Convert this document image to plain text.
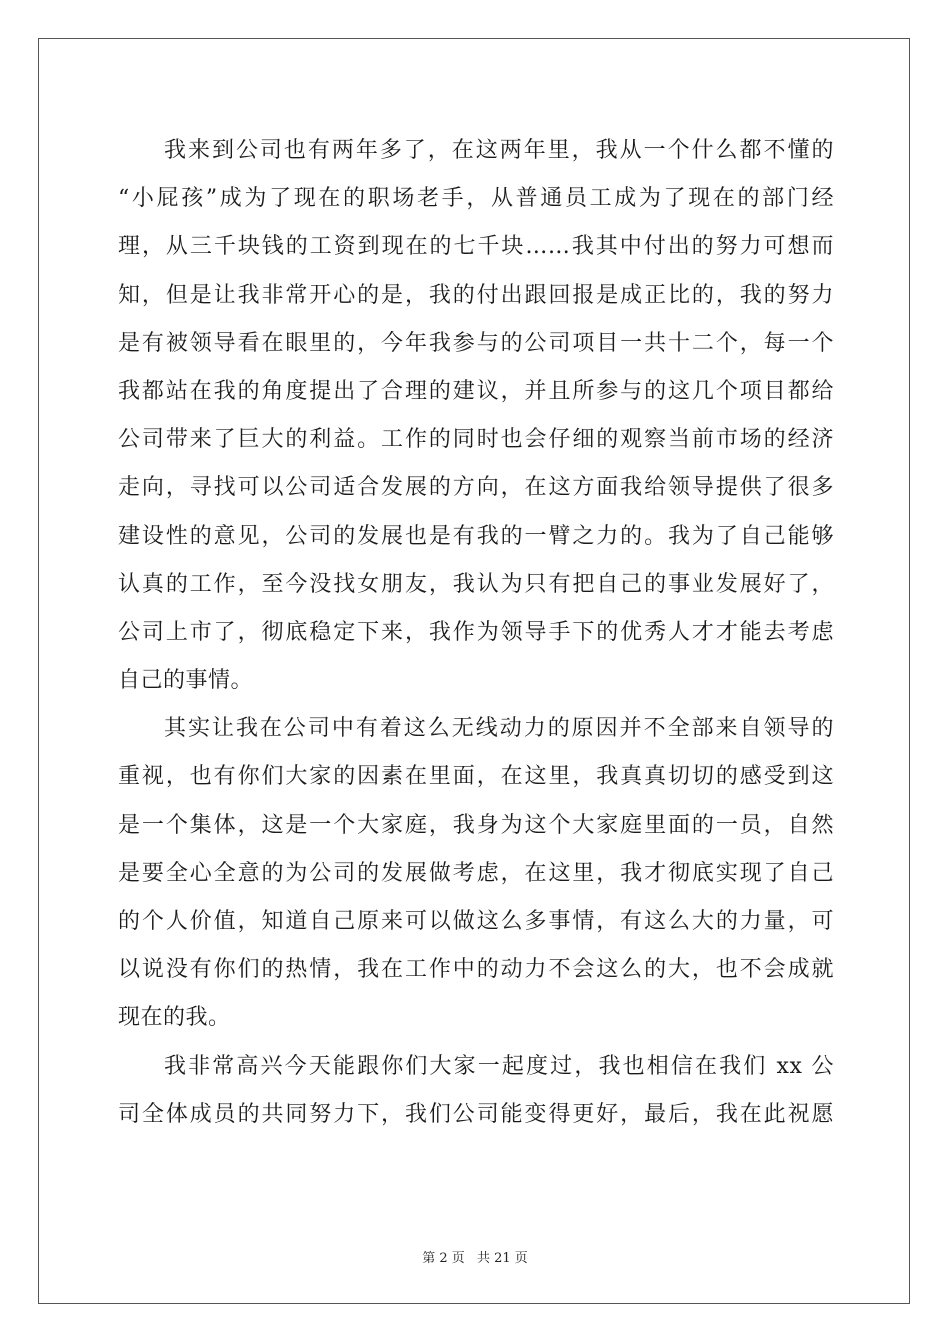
我来到公司也有两年多了，在这两年里，我从一个什么都不懂的
“小屁孩”成为了现在的职场老手，从普通员工成为了现在的部门经
理，从三千块钱的工资到现在的七千块……我其中付出的努力可想而
知，但是让我非常开心的是，我的付出跟回报是成正比的，我的努力
是有被领导看在眼里的，今年我参与的公司项目一共十二个，每一个
我都站在我的角度提出了合理的建议，并且所参与的这几个项目都给
公司带来了巨大的利益。工作的同时也会仔细的观察当前市场的经济
走向，寻找可以公司适合发展的方向，在这方面我给领导提供了很多
建设性的意见，公司的发展也是有我的一臂之力的。我为了自己能够
认真的工作，至今没找女朋友，我认为只有把自己的事业发展好了，
公司上市了，彻底稳定下来，我作为领导手下的优秀人才才能去考虑
自己的事情。
其实让我在公司中有着这么无线动力的原因并不全部来自领导的
重视，也有你们大家的因素在里面，在这里，我真真切切的感受到这
是一个集体，这是一个大家庭，我身为这个大家庭里面的一员，自然
是要全心全意的为公司的发展做考虑，在这里，我才彻底实现了自己
的个人价值，知道自己原来可以做这么多事情，有这么大的力量，可
以说没有你们的热情，我在工作中的动力不会这么的大，也不会成就
现在的我。
我非常高兴今天能跟你们大家一起度过，我也相信在我们 xx 公
司全体成员的共同努力下，我们公司能变得更好，最后，我在此祝愿
第 2 页 共 21 页
